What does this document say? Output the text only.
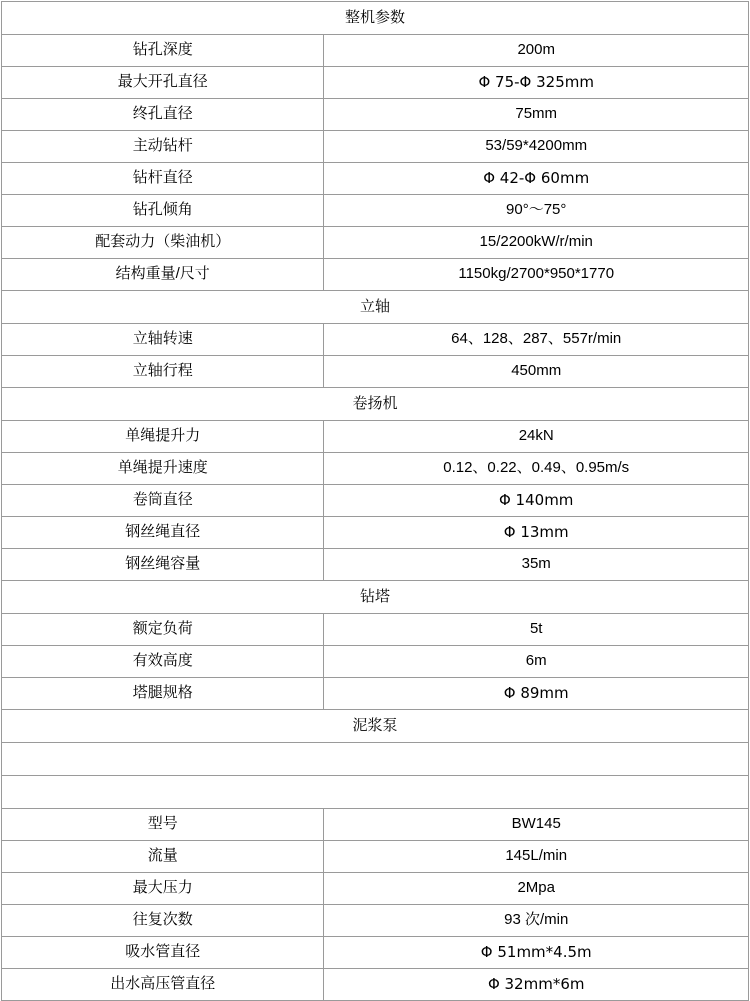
整机参数	
钻孔深度	200m
最大开孔直径	Φ 75-Φ 325mm
终孔直径	75mm
主动钻杆	53/59*4200mm
钻杆直径	Φ 42-Φ 60mm
钻孔倾角	90°～75°
配套动力（柴油机）	15/2200kW/r/min
结构重量/尺寸	1150kg/2700*950*1770
立轴	
立轴转速	64、128、287、557r/min
立轴行程	450mm
卷扬机	
单绳提升力	24kN
单绳提升速度	0.12、0.22、0.49、0.95m/s
卷筒直径	Φ 140mm
钢丝绳直径	Φ 13mm
钢丝绳容量	35m
钻塔	
额定负荷	5t
有效高度	6m
塔腿规格	Φ 89mm
泥浆泵	

型号	BW145
流量	145L/min
最大压力	2Mpa
往复次数	93 次/min
吸水管直径	Φ 51mm*4.5m
出水高压管直径	Φ 32mm*6m
